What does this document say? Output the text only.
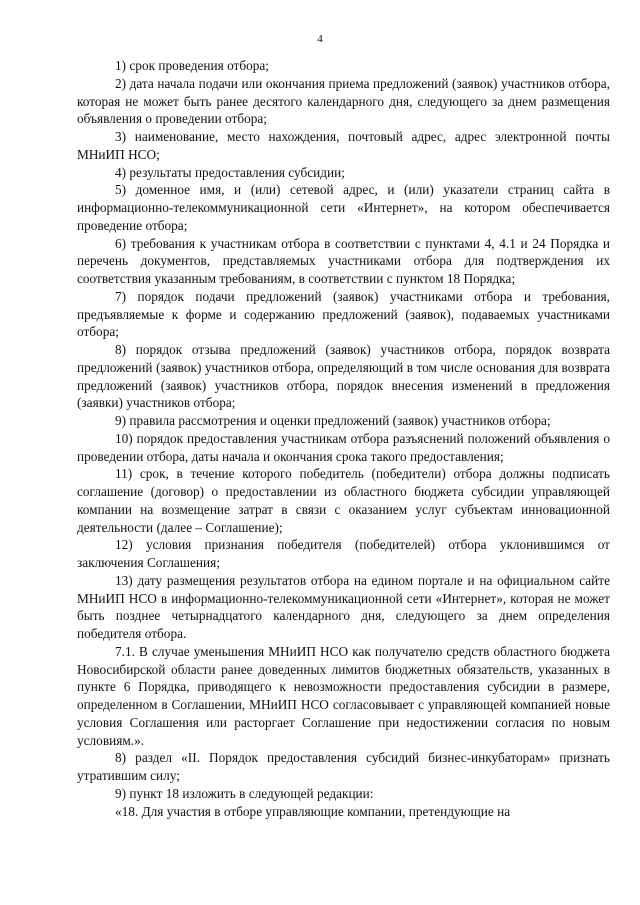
4

1) срок проведения отбора;

2) дата начала подачи или окончания приема предложений (заявок) участников отбора, которая не может быть ранее десятого календарного дня, следующего за днем размещения объявления о проведении отбора;

3) наименование, место нахождения, почтовый адрес, адрес электронной почты МНиИП НСО;

4) результаты предоставления субсидии;

5) доменное имя, и (или) сетевой адрес, и (или) указатели страниц сайта в информационно-телекоммуникационной сети «Интернет», на котором обеспечивается проведение отбора;

6) требования к участникам отбора в соответствии с пунктами 4, 4.1 и 24 Порядка и перечень документов, представляемых участниками отбора для подтверждения их соответствия указанным требованиям, в соответствии с пунктом 18 Порядка;

7) порядок подачи предложений (заявок) участниками отбора и требования, предъявляемые к форме и содержанию предложений (заявок), подаваемых участниками отбора;

8) порядок отзыва предложений (заявок) участников отбора, порядок возврата предложений (заявок) участников отбора, определяющий в том числе основания для возврата предложений (заявок) участников отбора, порядок внесения изменений в предложения (заявки) участников отбора;

9) правила рассмотрения и оценки предложений (заявок) участников отбора;

10) порядок предоставления участникам отбора разъяснений положений объявления о проведении отбора, даты начала и окончания срока такого предоставления;

11) срок, в течение которого победитель (победители) отбора должны подписать соглашение (договор) о предоставлении из областного бюджета субсидии управляющей компании на возмещение затрат в связи с оказанием услуг субъектам инновационной деятельности (далее – Соглашение);

12) условия признания победителя (победителей) отбора уклонившимся от заключения Соглашения;

13) дату размещения результатов отбора на едином портале и на официальном сайте МНиИП НСО в информационно-телекоммуникационной сети «Интернет», которая не может быть позднее четырнадцатого календарного дня, следующего за днем определения победителя отбора.

7.1. В случае уменьшения МНиИП НСО как получателю средств областного бюджета Новосибирской области ранее доведенных лимитов бюджетных обязательств, указанных в пункте 6 Порядка, приводящего к невозможности предоставления субсидии в размере, определенном в Соглашении, МНиИП НСО согласовывает с управляющей компанией новые условия Соглашения или расторгает Соглашение при недостижении согласия по новым условиям.».

8) раздел «II. Порядок предоставления субсидий бизнес-инкубаторам» признать утратившим силу;

9) пункт 18 изложить в следующей редакции:

«18. Для участия в отборе управляющие компании, претендующие на
